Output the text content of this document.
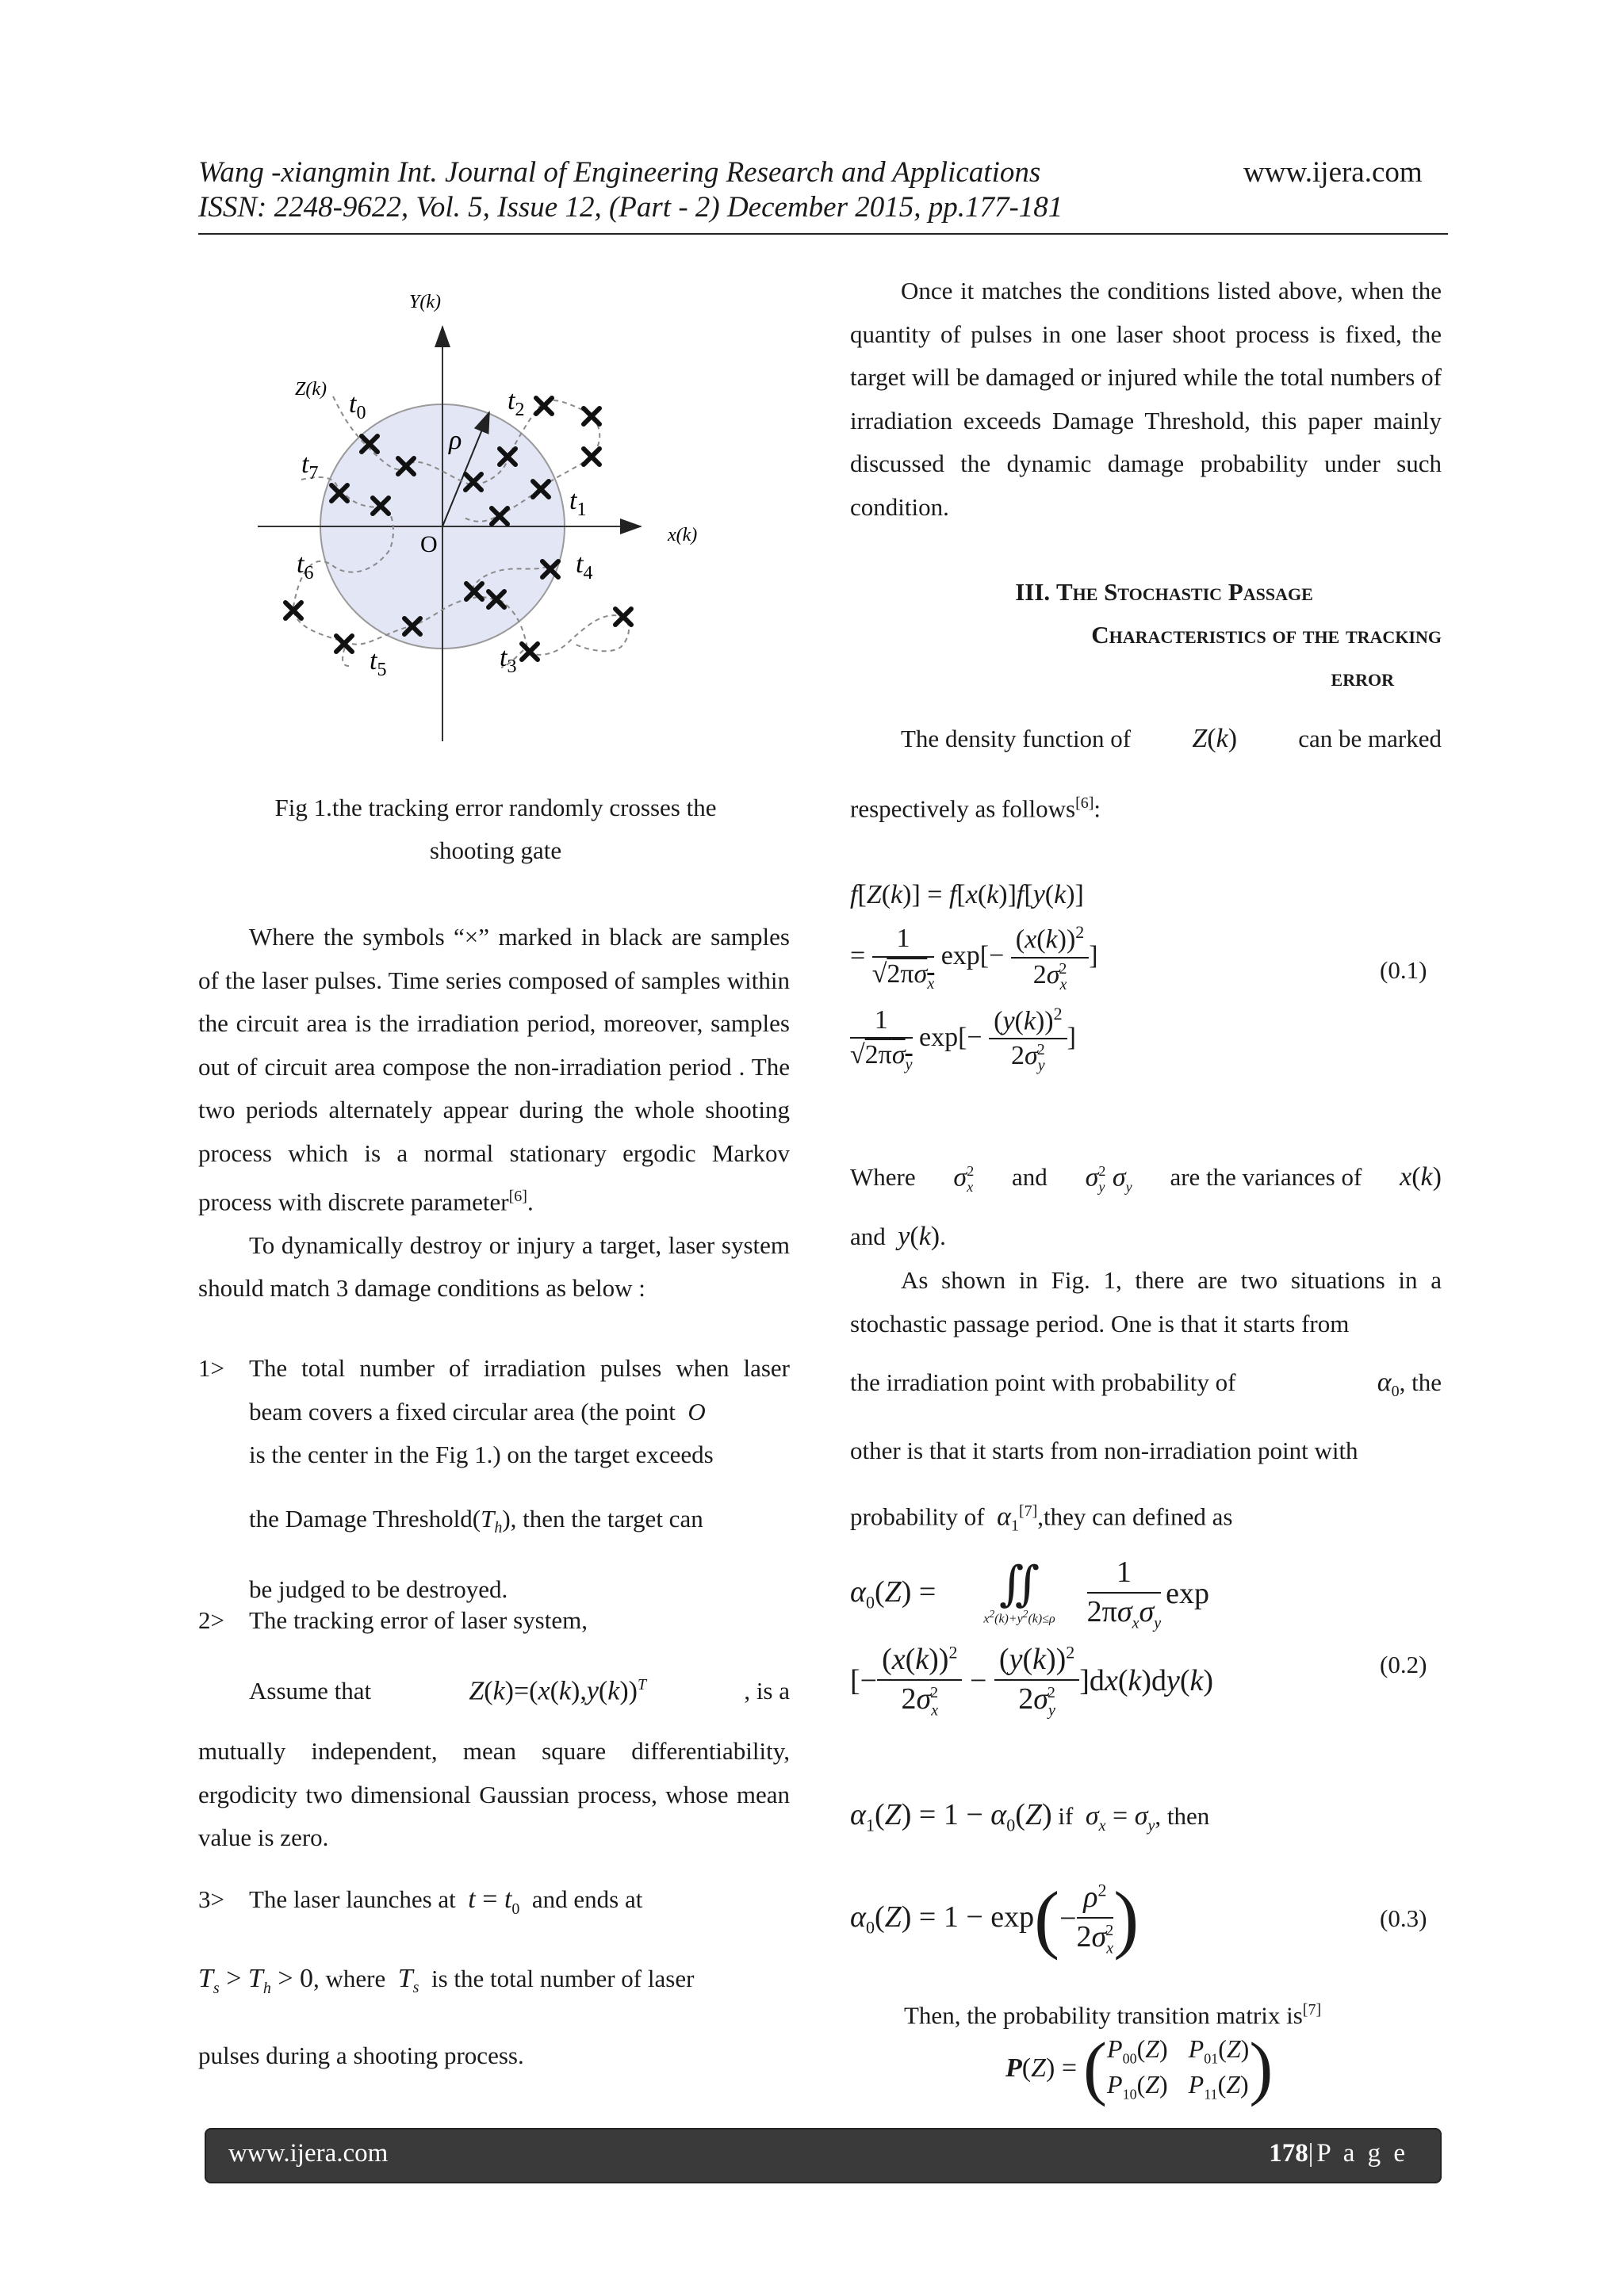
Wang -xiangmin Int. Journal of Engineering Research and Applications	www.ijera.com
ISSN: 2248-9622, Vol. 5, Issue 12, (Part - 2) December 2015, pp.177-181
Y(k)
x(k)
Z(k)
O
ρ
$t_0$
$t_1$
$t_2$
$t_3$
$t_4$
$t_5$
$t_6$
$t_7$
Fig 1.the tracking error randomly crosses the
shooting gate

Where the symbols “×” marked in black are samples of the laser pulses. Time series composed of samples within the circuit area is the irradiation period, moreover, samples out of circuit area compose the non-irradiation period . The two periods alternately appear during the whole shooting process which is a normal stationary ergodic Markov process with discrete parameter[6].

To dynamically destroy or injury a target, laser system should match 3 damage conditions as below :

1> The total number of irradiation pulses when laser beam covers a fixed circular area (the point O
is the center in the Fig 1.) on the target exceeds
the Damage $Threshold(T_h)$, then the target can
be judged to be destroyed.
2> The tracking error of laser system,
Assume that	$Z(k)=(x(k),y(k))^T$	, is a

mutually independent, mean square differentiability, ergodicity two dimensional Gaussian process, whose mean value is zero.

3> The laser launches at $t = t_0$ and ends at
$T_s > T_h > 0$, where $T_s$ is the total number of laser
pulses during a shooting process.

Once it matches the conditions listed above, when the quantity of pulses in one laser shoot process is fixed, the target will be damaged or injured while the total numbers of irradiation exceeds Damage Threshold, this paper mainly discussed the dynamic damage probability under such condition.

III. The Stochastic Passage
Characteristics of the tracking
error
The density function of Z(k) can be marked
respectively as follows[6]:
f[Z(k)] = f[x(k)]f[y(k)]
= $\frac{1}{√2\pi\sigma_x} \exp[- \frac{(x(k))^2}{2\sigma_x^2}$ ]
$\frac{1}{√2\pi\sigma_y} \exp[- \frac{(y(k))^2}{2\sigma_y^2}$ ]
(0.1)
Where $\sigma_x^2$ and $\sigma_y^2$ $\sigma_y$ are the variances of x(k)
and y(k).

As shown in Fig. 1, there are two situations in a stochastic passage period. One is that it starts from

the irradiation point with probability of	$\alpha_0$, the
other is that it starts from non-irradiation point with
probability of $\alpha_1[7],they$ can defined as
$\alpha_0(Z)$ =	∬
$x^2(k)+y^2(k)\le\rho \frac{1}{2\pi\sigma_x\sigma_y}$ exp
[− $\frac{(x(k))^2}{2\sigma_x^2} - \frac{(y(k))^2}{2\sigma_y^2} ]d$ x ( k )d y ( k )	(0.2)
$\alpha_1(Z) = 1 - \alpha_0(Z)$ if $\sigma_x = \sigma_y$, then
$\alpha_0(Z) = 1 - \exp$ ( − $\frac{\rho^2}{2\sigma_x^2}$ )	(0.3)
Then, the probability transition matrix is[7]
P ( Z ) = ( $P_{00}(Z)$ $P_{01}(Z)$
$P_{10}(Z)$ $P_{11}(Z)$ )
www.ijera.com	178|P a g e
